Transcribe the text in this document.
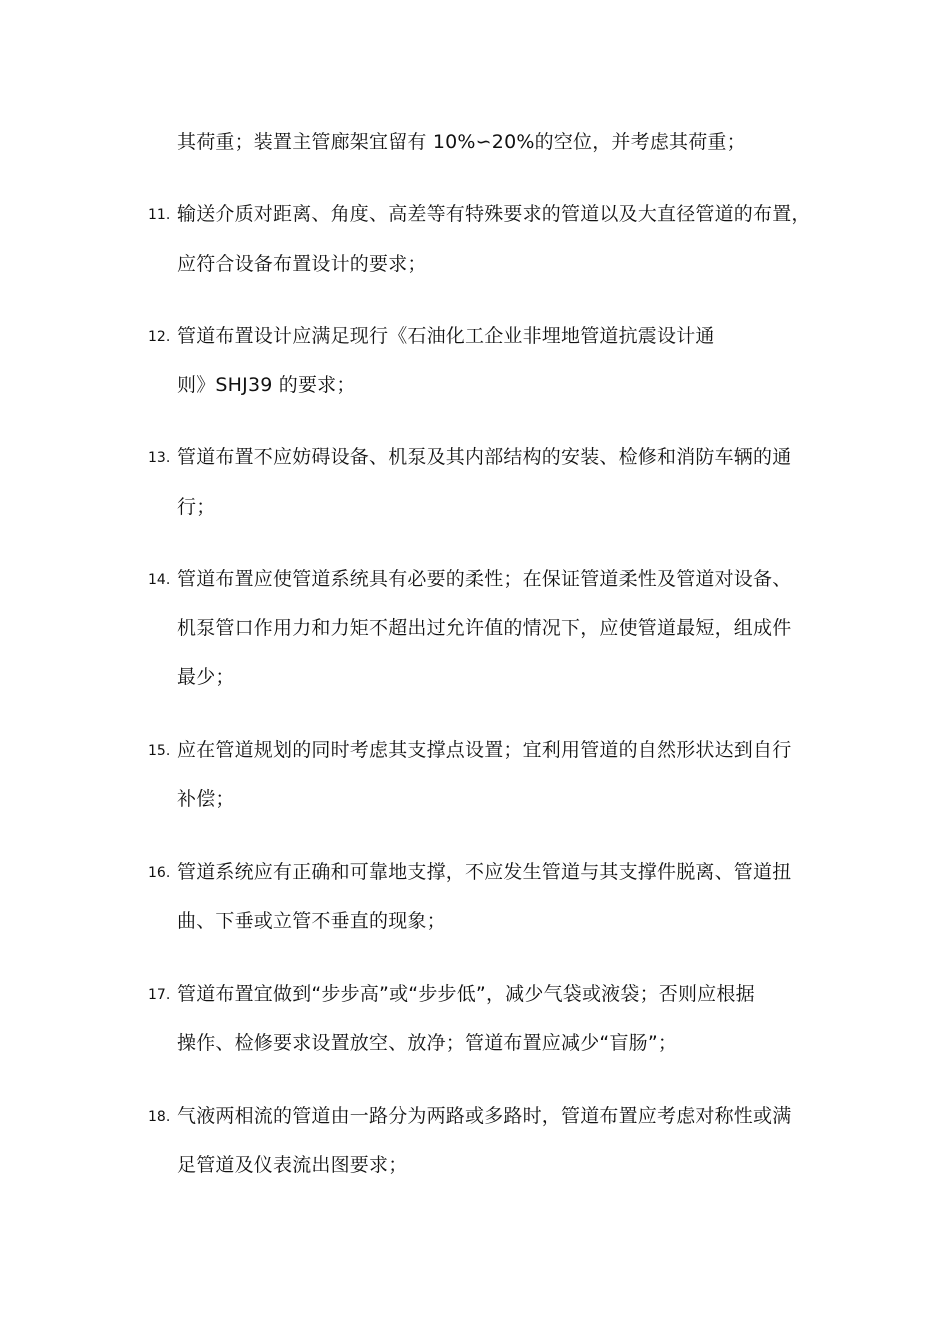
其荷重；装置主管廊架宜留有 10%∽20%的空位，并考虑其荷重；
11. 输送介质对距离、角度、高差等有特殊要求的管道以及大直径管道的布置，
应符合设备布置设计的要求；
12. 管道布置设计应满足现行《石油化工企业非埋地管道抗震设计通
则》SHJ39 的要求；
13. 管道布置不应妨碍设备、机泵及其内部结构的安装、检修和消防车辆的通
行；
14. 管道布置应使管道系统具有必要的柔性；在保证管道柔性及管道对设备、
机泵管口作用力和力矩不超出过允许值的情况下，应使管道最短，组成件
最少；
15. 应在管道规划的同时考虑其支撑点设置；宜利用管道的自然形状达到自行
补偿；
16. 管道系统应有正确和可靠地支撑，不应发生管道与其支撑件脱离、管道扭
曲、下垂或立管不垂直的现象；
17. 管道布置宜做到“步步高”或“步步低”，减少气袋或液袋；否则应根据
操作、检修要求设置放空、放净；管道布置应减少“盲肠”；
18. 气液两相流的管道由一路分为两路或多路时，管道布置应考虑对称性或满
足管道及仪表流出图要求；
